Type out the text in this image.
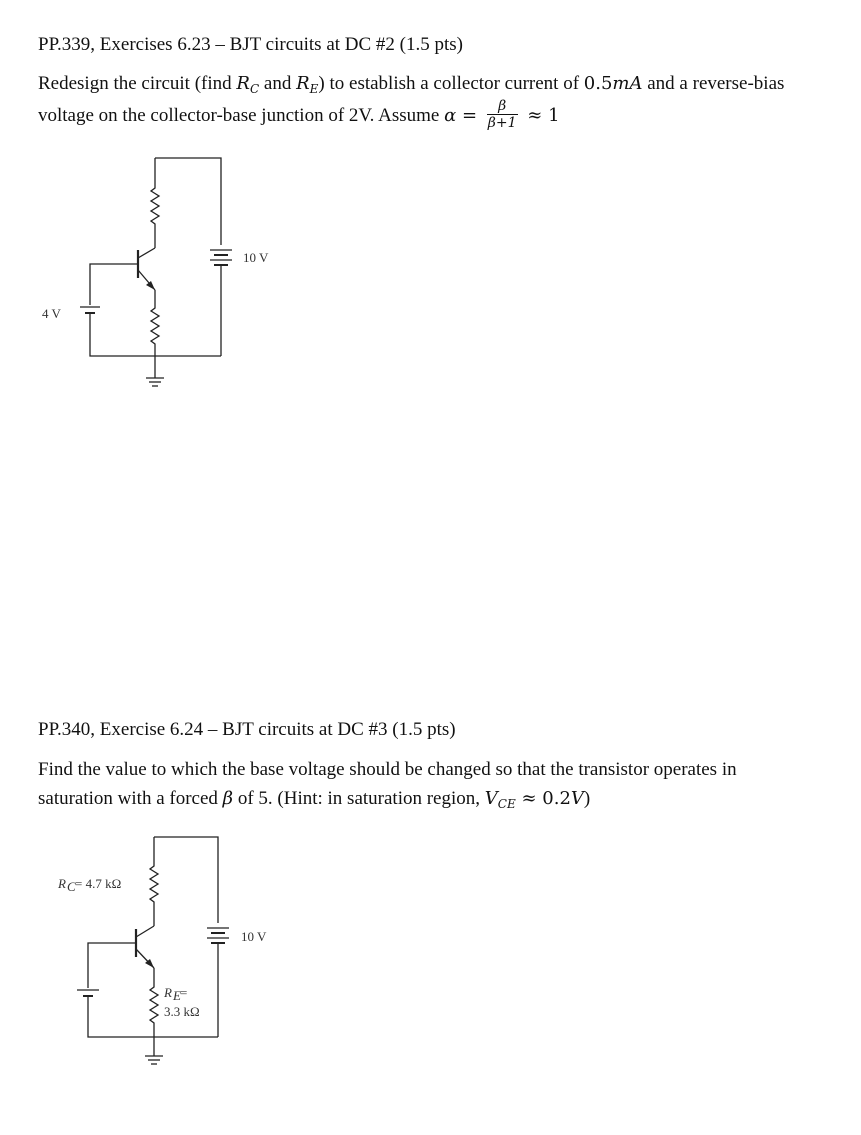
PP.339, Exercises 6.23 – BJT circuits at DC #2 (1.5 pts)
Redesign the circuit (find $R_C$ and $R_E$) to establish a collector current of 0.5mA and a reverse-bias
voltage on the collector-base junction of 2V. Assume $\alpha = \frac{\beta}{\beta+1} \approx 1$
10 V
4 V
PP.340, Exercise 6.24 – BJT circuits at DC #3 (1.5 pts)
Find the value to which the base voltage should be changed so that the transistor operates in
saturation with a forced β of 5. (Hint: in saturation region, $V_{CE} \approx 0.2V$)
R C = 4.7 kΩ
R E =
3.3 kΩ
10 V
